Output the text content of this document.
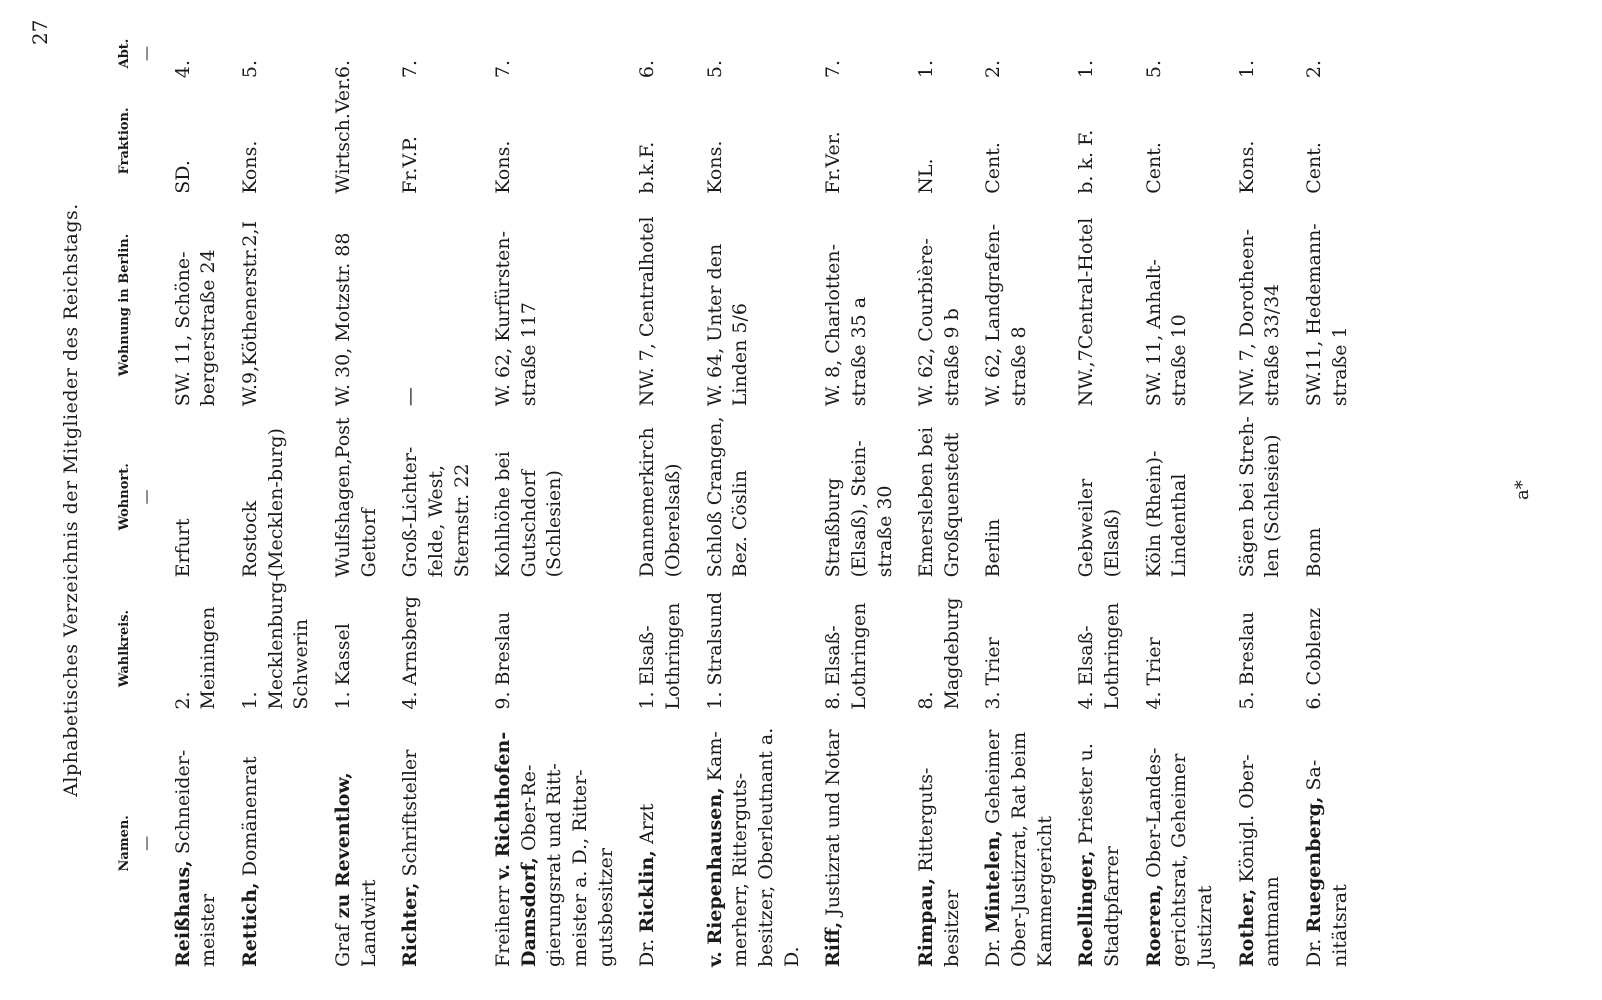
Alphabetisches Verzeichnis der Mitglieder des Reichstags.
27
Namen.	Wahlkreis.	Wohnort.	Wohnung in Berlin.	Fraktion.	Abt.
—		—			—
Reißhaus, Schneider-meister	2. Meiningen	Erfurt	SW. 11, Schöne-bergerstraße 24	SD.	4.
Rettich, Domänenrat	1. Mecklenburg-Schwerin	Rostock (Mecklen-burg)	W.9,Köthenerstr.2,I	Kons.	5.
Graf zu Reventlow, Landwirt	1. Kassel	Wulfshagen,Post Gettorf	W. 30, Motzstr. 88	Wirtsch.Ver.	6.
Richter, Schriftsteller	4. Arnsberg	Groß-Lichter-felde, West, Sternstr. 22	—	Fr.V.P.	7.
Freiherr v. Richthofen-Damsdorf, Ober-Re-gierungsrat und Ritt-meister a. D., Ritter-gutsbesitzer	9. Breslau	Kohlhöhe bei Gutschdorf (Schlesien)	W. 62, Kurfürsten-straße 117	Kons.	7.
Dr. Ricklin, Arzt	1. Elsaß-Lothringen	Dannemerkirch (Oberelsaß)	NW. 7, Centralhotel	b.k.F.	6.
v. Riepenhausen, Kam-merherr, Ritterguts-besitzer, Oberleutnant a. D.	1. Stralsund	Schloß Crangen, Bez. Cöslin	W. 64, Unter den Linden 5/6	Kons.	5.
Riff, Justizrat und Notar	8. Elsaß-Lothringen	Straßburg (Elsaß), Stein-straße 30	W. 8, Charlotten-straße 35 a	Fr.Ver.	7.
Rimpau, Ritterguts-besitzer	8. Magdeburg	Emersleben bei Großquenstedt	W. 62, Courbière-straße 9 b	NL.	1.
Dr. Mintelen, Geheimer Ober-Justizrat, Rat beim Kammergericht	3. Trier	Berlin	W. 62, Landgrafen-straße 8	Cent.	2.
Roellinger, Priester u. Stadtpfarrer	4. Elsaß-Lothringen	Gebweiler (Elsaß)	NW.,7Central-Hotel	b. k. F.	1.
Roeren, Ober-Landes-gerichtsrat, Geheimer Justizrat	4. Trier	Köln (Rhein)-Lindenthal	SW. 11, Anhalt-straße 10	Cent.	5.
Rother, Königl. Ober-amtmann	5. Breslau	Sägen bei Streh-len (Schlesien)	NW. 7, Dorotheen-straße 33/34	Kons.	1.
Dr. Ruegenberg, Sa-nitätsrat	6. Coblenz	Bonn	SW.11, Hedemann-straße 1	Cent.	2.
a*
